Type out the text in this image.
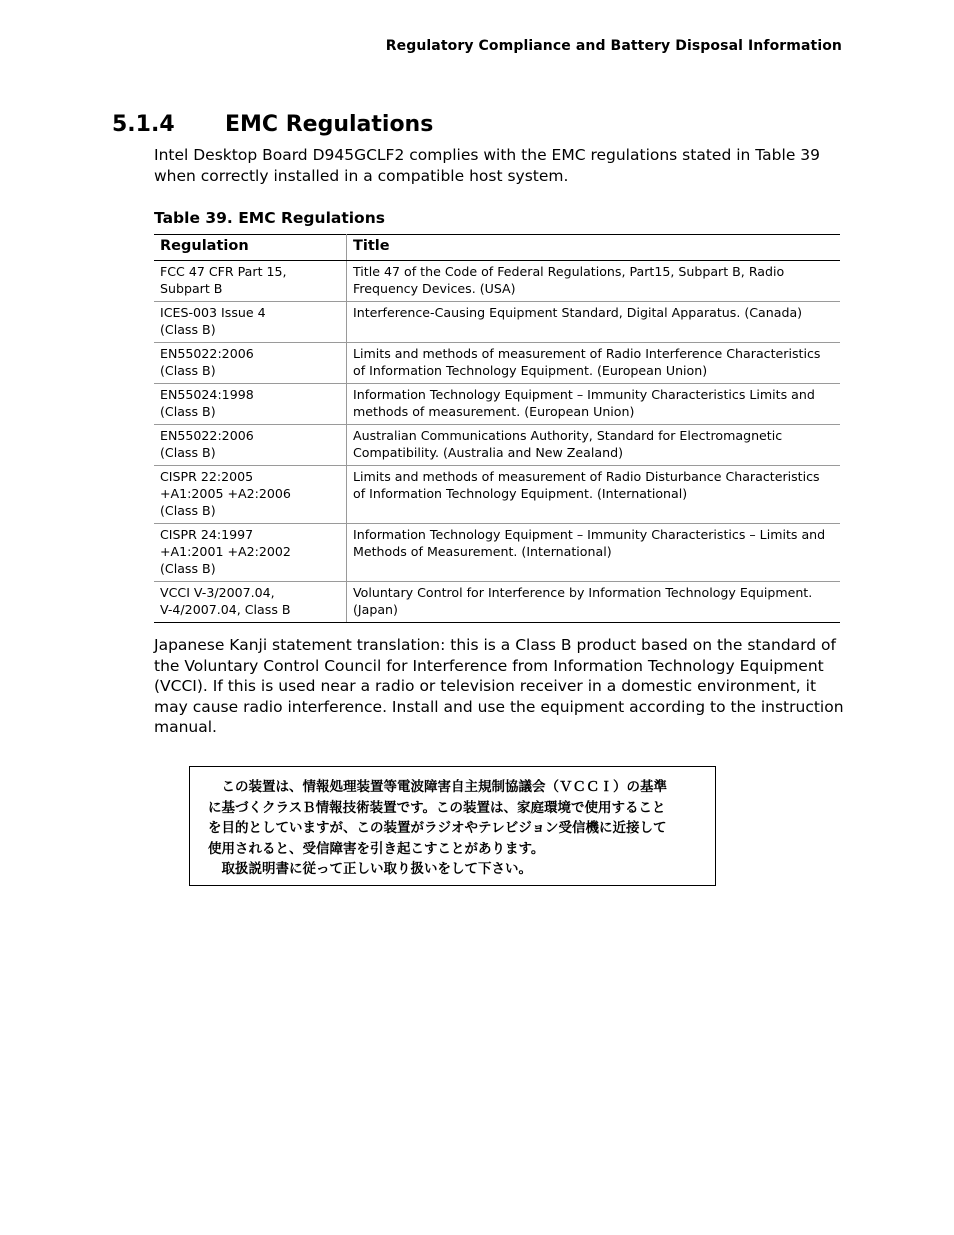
Regulatory Compliance and Battery Disposal Information
5.1.4 EMC Regulations
Intel Desktop Board D945GCLF2 complies with the EMC regulations stated in Table 39 when correctly installed in a compatible host system.
Table 39. EMC Regulations
Regulation	Title

FCC 47 CFR Part 15,
Subpart B	Title 47 of the Code of Federal Regulations, Part15, Subpart B, Radio Frequency Devices. (USA)

ICES-003 Issue 4
(Class B)	Interference-Causing Equipment Standard, Digital Apparatus. (Canada)

EN55022:2006
(Class B)	Limits and methods of measurement of Radio Interference Characteristics of Information Technology Equipment. (European Union)

EN55024:1998
(Class B)	Information Technology Equipment – Immunity Characteristics Limits and methods of measurement. (European Union)

EN55022:2006
(Class B)	Australian Communications Authority, Standard for Electromagnetic Compatibility. (Australia and New Zealand)

CISPR 22:2005
+A1:2005 +A2:2006
(Class B)	Limits and methods of measurement of Radio Disturbance Characteristics of Information Technology Equipment. (International)

CISPR 24:1997
+A1:2001 +A2:2002
(Class B)	Information Technology Equipment – Immunity Characteristics – Limits and Methods of Measurement. (International)

VCCI V-3/2007.04,
V-4/2007.04, Class B	Voluntary Control for Interference by Information Technology Equipment. (Japan)
Japanese Kanji statement translation: this is a Class B product based on the standard of the Voluntary Control Council for Interference from Information Technology Equipment (VCCI). If this is used near a radio or television receiver in a domestic environment, it may cause radio interference. Install and use the equipment according to the instruction manual.
　この装置は、情報処理装置等電波障害自主規制協議会（ＶＣＣＩ）の基準
に基づくクラスＢ情報技術装置です。この装置は、家庭環境で使用すること
を目的としていますが、この装置がラジオやテレビジョン受信機に近接して
使用されると、受信障害を引き起こすことがあります。
　取扱説明書に従って正しい取り扱いをして下さい。
